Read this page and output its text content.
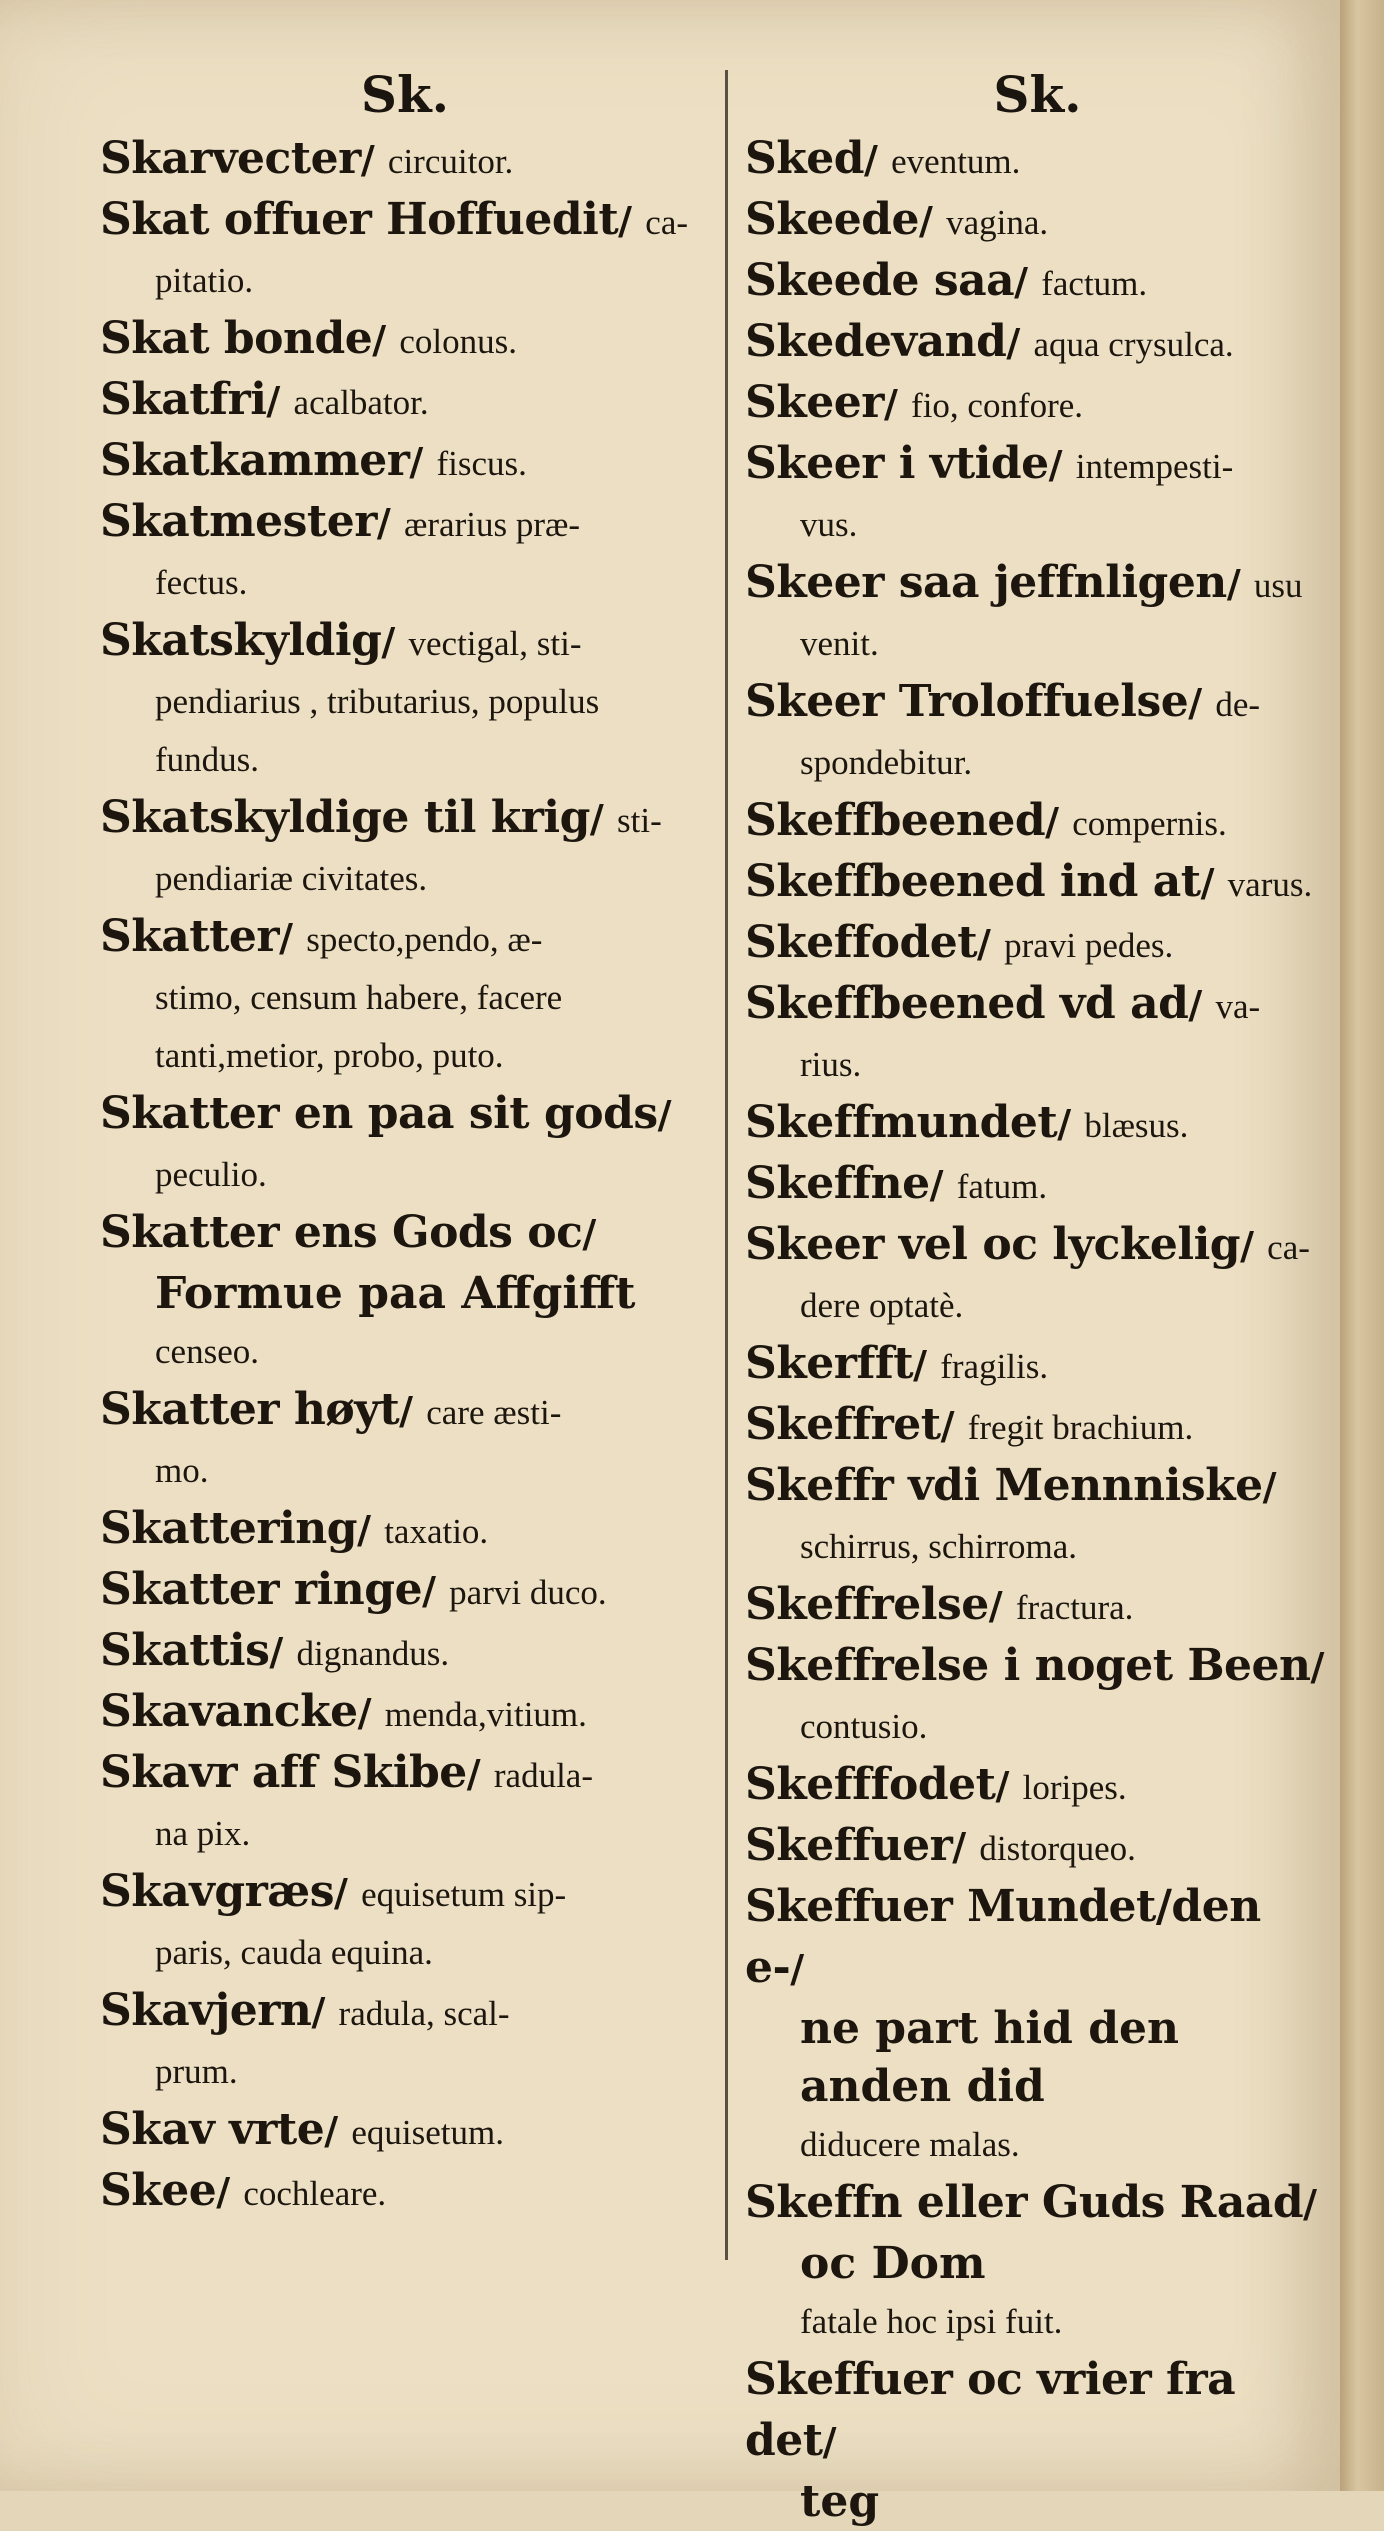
Sk.
Skarvecter/ circuitor.
Skat offuer Hoffuedit/ ca-
pitatio.
Skat bonde/ colonus.
Skatfri/ acalbator.
Skatkammer/ fiscus.
Skatmester/ ærarius præ-
fectus.
Skatskyldig/ vectigal, sti-
pendiarius , tributarius, populus fundus.
Skatskyldige til krig/ sti-
pendiariæ civitates.
Skatter/ specto,pendo, æ-
stimo, censum habere, facere tanti,metior, probo, puto.
Skatter en paa sit gods/
peculio.
Skatter ens Gods oc/
Formue paa Affgifft
censeo.
Skatter høyt/ care æsti-
mo.
Skattering/ taxatio.
Skatter ringe/ parvi duco.
Skattis/ dignandus.
Skavancke/ menda,vitium.
Skavr aff Skibe/ radula-
na pix.
Skavgræs/ equisetum sip-
paris, cauda equina.
Skavjern/ radula, scal-
prum.
Skav vrte/ equisetum.
Skee/ cochleare.
Sk.
Sked/ eventum.
Skeede/ vagina.
Skeede saa/ factum.
Skedevand/ aqua crysulca.
Skeer/ fio, confore.
Skeer i vtide/ intempesti-
vus.
Skeer saa jeffnligen/ usu
venit.
Skeer Troloffuelse/ de-
spondebitur.
Skeffbeened/ compernis.
Skeffbeened ind at/ varus.
Skeffodet/ pravi pedes.
Skeffbeened vd ad/ va-
rius.
Skeffmundet/ blæsus.
Skeffne/ fatum.
Skeer vel oc lyckelig/ ca-
dere optatè.
Skerfft/ fragilis.
Skeffret/ fregit brachium.
Skeffr vdi Mennniske/
schirrus, schirroma.
Skeffrelse/ fractura.
Skeffrelse i noget Been/
contusio.
Skefffodet/ loripes.
Skeffuer/ distorqueo.
Skeffuer Mundet/den e-/
ne part hid den anden did
diducere malas.
Skeffn eller Guds Raad/
oc Dom
fatale hoc ipsi fuit.
Skeffuer oc vrier fra det/
teg
